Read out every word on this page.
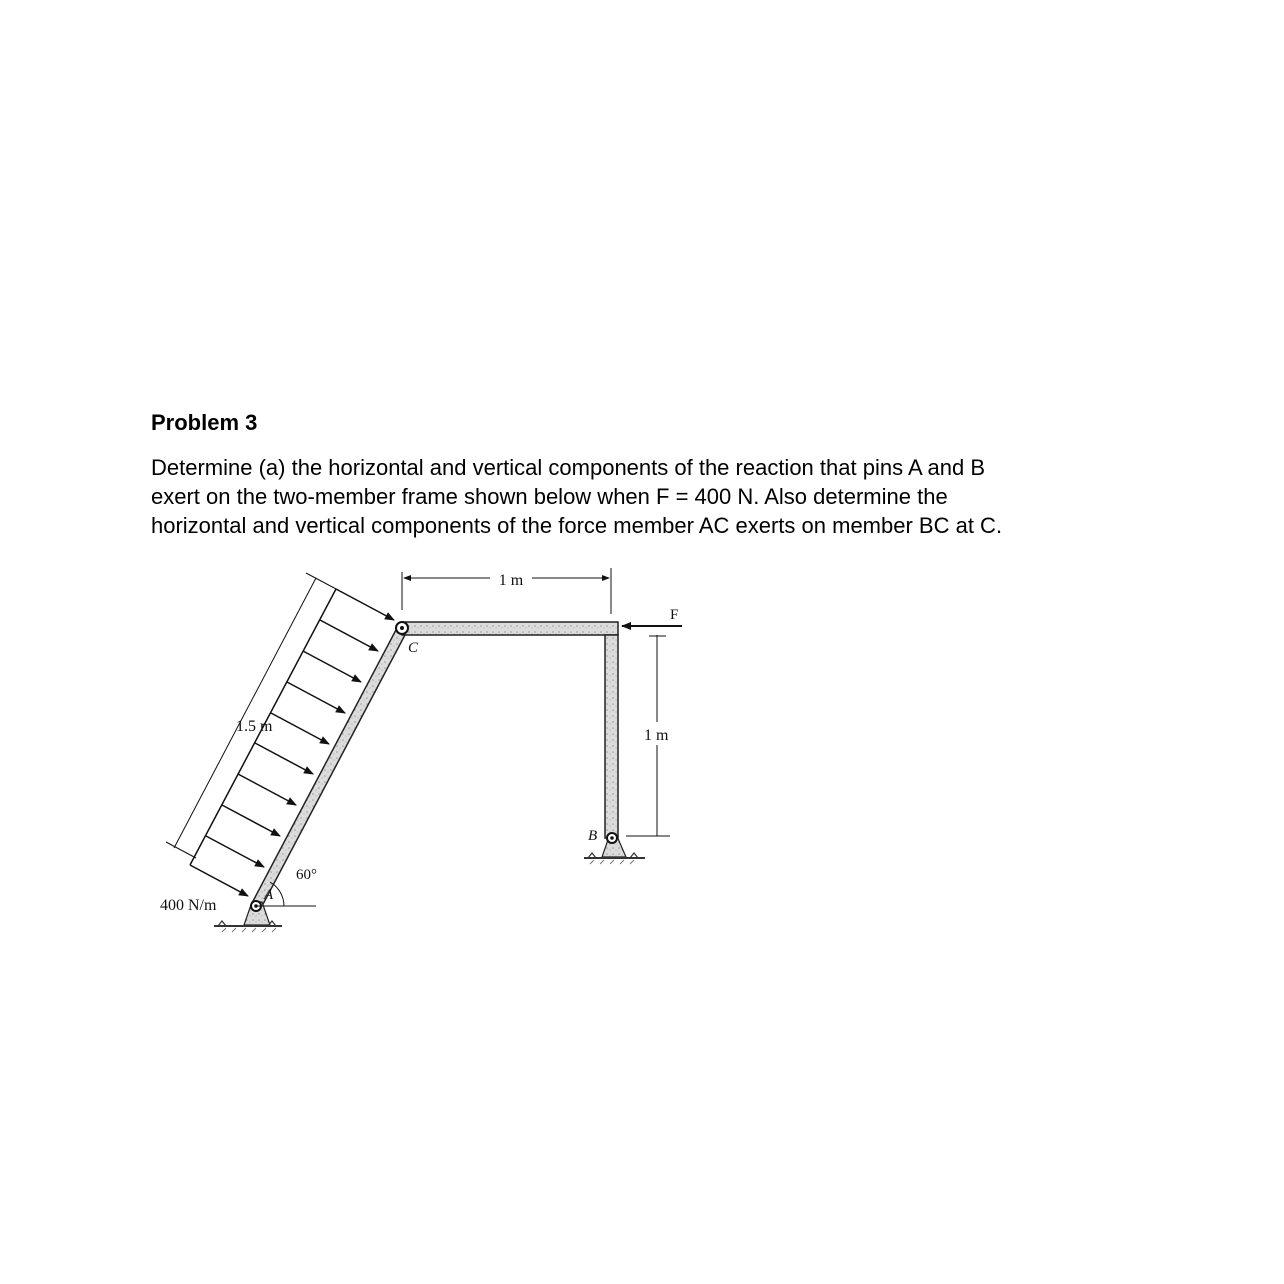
Problem 3
Determine (a) the horizontal and vertical components of the reaction that pins A and B
exert on the two-member frame shown below when F = 400 N. Also determine the
horizontal and vertical components of the force member AC exerts on member BC at C.
1 m
F
C
1.5 m
1 m
B
60°
A
400 N/m
